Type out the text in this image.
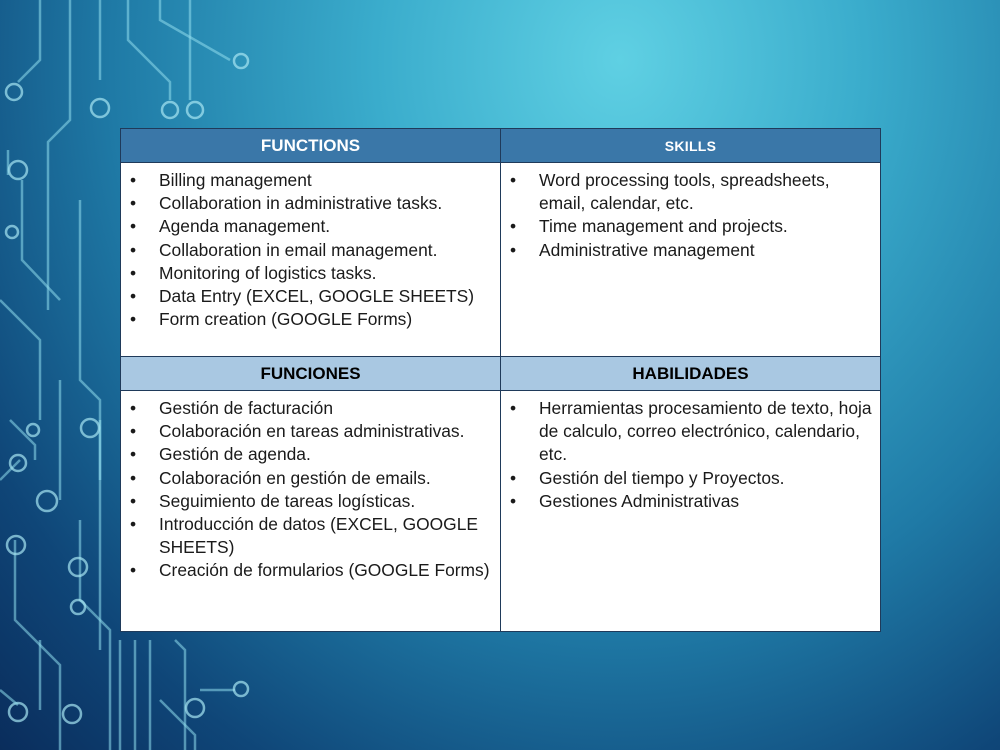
FUNCTIONS	SKILLS
• Billing management
• Collaboration in administrative tasks.
• Agenda management.
• Collaboration in email management.
• Monitoring of logistics tasks.
• Data Entry (EXCEL, GOOGLE SHEETS)
• Form creation (GOOGLE Forms)
• Word processing tools, spreadsheets, email, calendar, etc.
• Time management and projects.
• Administrative management
FUNCIONES	HABILIDADES
• Gestión de facturación
• Colaboración en tareas administrativas.
• Gestión de agenda.
• Colaboración en gestión de emails.
• Seguimiento de tareas logísticas.
• Introducción de datos (EXCEL, GOOGLE SHEETS)
• Creación de formularios (GOOGLE Forms)
• Herramientas procesamiento de texto, hoja de calculo, correo electrónico, calendario, etc.
• Gestión del tiempo y Proyectos.
• Gestiones Administrativas
